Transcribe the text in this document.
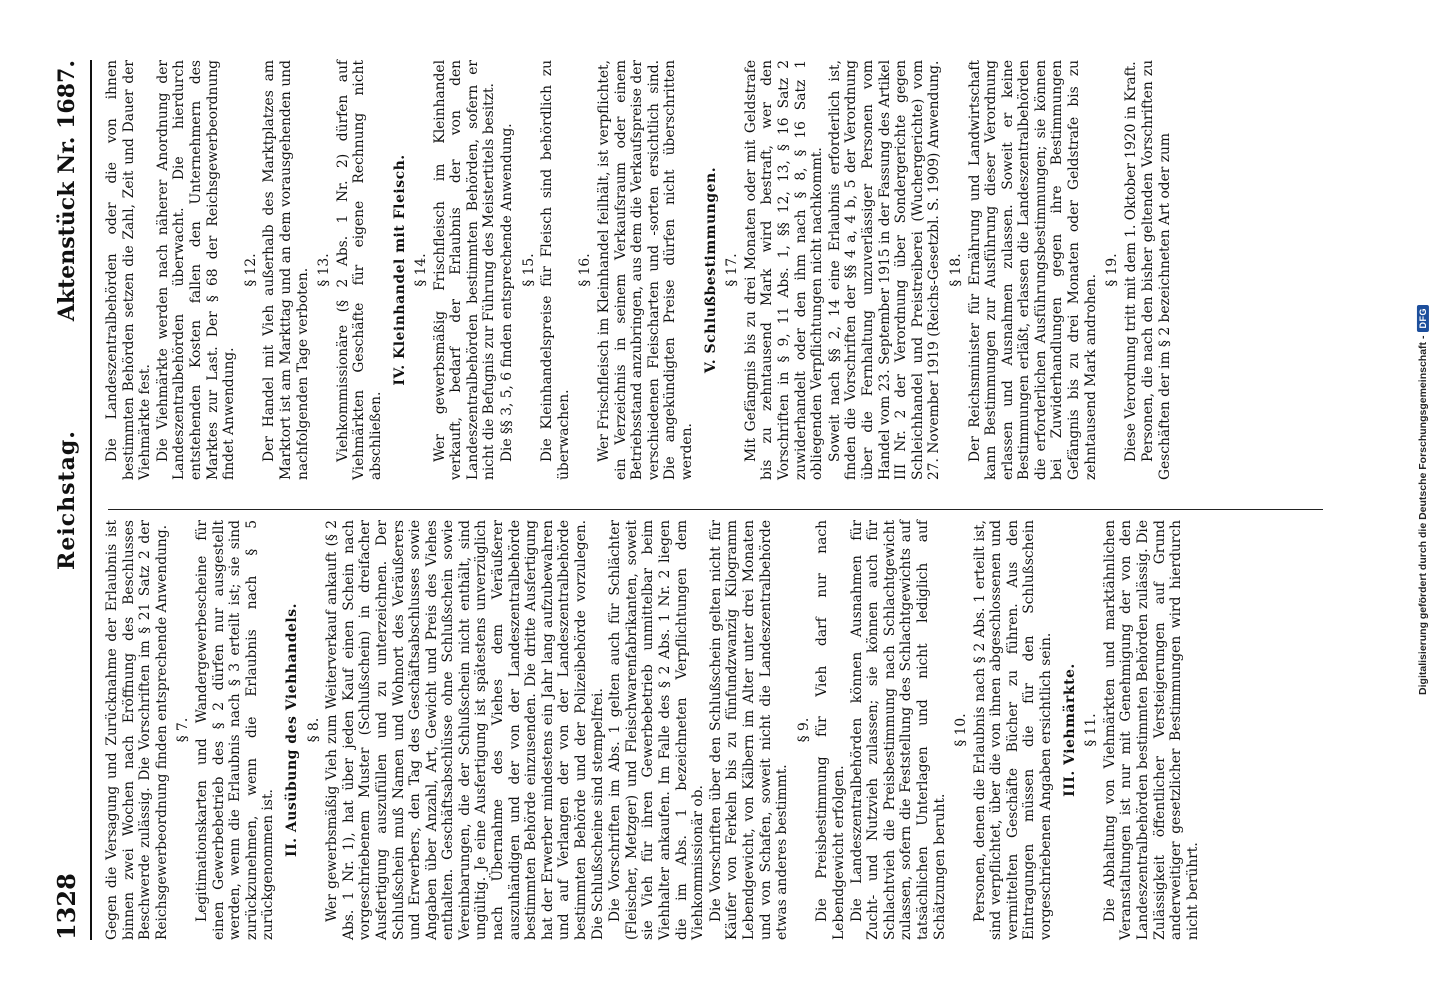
1328
Reichstag.
Aktenstück Nr. 1687.

Gegen die Versagung und Zurücknahme der Erlaubnis ist binnen zwei Wochen nach Eröffnung des Beschlusses Beschwerde zulässig. Die Vorschriften im § 21 Satz 2 der Reichsgewerbeordnung finden entsprechende Anwendung. § 7. Legitimationskarten und Wandergewerbescheine für einen Gewerbebetrieb des § 2 dürfen nur ausgestellt werden, wenn die Erlaubnis nach § 3 erteilt ist; sie sind zurückzunehmen, wenn die Erlaubnis nach § 5 zurückgenommen ist.

II. Ausübung des Viehhandels. § 8. Wer gewerbsmäßig Vieh zum Weiterverkauf ankauft (§ 2 Abs. 1 Nr. 1), hat über jeden Kauf einen Schein nach vorgeschriebenem Muster (Schlußschein) in dreifacher Ausfertigung auszufüllen und zu unterzeichnen. Der Schlußschein muß Namen und Wohnort des Veräußerers und Erwerbers, den Tag des Geschäftsabschlusses sowie Angaben über Anzahl, Art, Gewicht und Preis des Viehes enthalten. Geschäftsabschlüsse ohne Schlußschein sowie Vereinbarungen, die der Schlußschein nicht enthält, sind ungültig. Je eine Ausfertigung ist spätestens unverzüglich nach Übernahme des Viehes dem Veräußerer auszuhändigen und der von der Landeszentralbehörde bestimmten Behörde einzusenden. Die dritte Ausfertigung hat der Erwerber mindestens ein Jahr lang aufzubewahren und auf Verlangen der von der Landeszentralbehörde bestimmten Behörde und der Polizeibehörde vorzulegen. Die Schlußscheine sind stempelfrei. Die Vorschriften im Abs. 1 gelten auch für Schlächter (Fleischer, Metzger) und Fleischwarenfabrikanten, soweit sie Vieh für ihren Gewerbebetrieb unmittelbar beim Viehhalter ankaufen. Im Falle des § 2 Abs. 1 Nr. 2 liegen die im Abs. 1 bezeichneten Verpflichtungen dem Viehkommissionär ob. Die Vorschriften über den Schlußschein gelten nicht für Käufer von Ferkeln bis zu fünfundzwanzig Kilogramm Lebendgewicht, von Kälbern im Alter unter drei Monaten und von Schafen, soweit nicht die Landeszentralbehörde etwas anderes bestimmt.

§ 9. Die Preisbestimmung für Vieh darf nur nach Lebendgewicht erfolgen. Die Landeszentralbehörden können Ausnahmen für Zucht- und Nutzvieh zulassen; sie können auch für Schlachtvieh die Preisbestimmung nach Schlachtgewicht zulassen, sofern die Feststellung des Schlachtgewichts auf tatsächlichen Unterlagen und nicht lediglich auf Schätzungen beruht.

§ 10. Personen, denen die Erlaubnis nach § 2 Abs. 1 erteilt ist, sind verpflichtet, über die von ihnen abgeschlossenen und vermittelten Geschäfte Bücher zu führen. Aus den Eintragungen müssen die für den Schlußschein vorgeschriebenen Angaben ersichtlich sein. III. Viehmärkte. § 11. Die Abhaltung von Viehmärkten und marktähnlichen Veranstaltungen ist nur mit Genehmigung der von den Landeszentralbehörden bestimmten Behörden zulässig. Die Zulässigkeit öffentlicher Versteigerungen auf Grund anderweitiger gesetzlicher Bestimmungen wird hierdurch nicht berührt.

Die Landeszentralbehörden oder die von ihnen bestimmten Behörden setzen die Zahl, Zeit und Dauer der Viehmärkte fest. Die Viehmärkte werden nach näherer Anordnung der Landeszentralbehörden überwacht. Die hierdurch entstehenden Kosten fallen den Unternehmern des Marktes zur Last. Der § 68 der Reichsgewerbeordnung findet Anwendung.

§ 12. Der Handel mit Vieh außerhalb des Marktplatzes am Marktort ist am Markttag und an dem vorausgehenden und nachfolgenden Tage verboten. § 13. Viehkommissionäre (§ 2 Abs. 1 Nr. 2) dürfen auf Viehmärkten Geschäfte für eigene Rechnung nicht abschließen.

IV. Kleinhandel mit Fleisch. § 14. Wer gewerbsmäßig Frischfleisch im Kleinhandel verkauft, bedarf der Erlaubnis der von den Landeszentralbehörden bestimmten Behörden, sofern er nicht die Befugnis zur Führung des Meistertitels besitzt. Die §§ 3, 5, 6 finden entsprechende Anwendung. § 15. Die Kleinhandelspreise für Fleisch sind behördlich zu überwachen.

§ 16. Wer Frischfleisch im Kleinhandel feilhält, ist verpflichtet, ein Verzeichnis in seinem Verkaufsraum oder einem Betriebsstand anzubringen, aus dem die Verkaufspreise der verschiedenen Fleischarten und -sorten ersichtlich sind. Die angekündigten Preise dürfen nicht überschritten werden.

V. Schlußbestimmungen. § 17. Mit Gefängnis bis zu drei Monaten oder mit Geldstrafe bis zu zehntausend Mark wird bestraft, wer den Vorschriften in § 9, 11 Abs. 1, §§ 12, 13, § 16 Satz 2 zuwiderhandelt oder den ihm nach § 8, § 16 Satz 1 obliegenden Verpflichtungen nicht nachkommt. Soweit nach §§ 2, 14 eine Erlaubnis erforderlich ist, finden die Vorschriften der §§ 4 a, 4 b, 5 der Verordnung über die Fernhaltung unzuverlässiger Personen vom Handel vom 23. September 1915 in der Fassung des Artikel III Nr. 2 der Verordnung über Sondergerichte gegen Schleichhandel und Preistreiberei (Wuchergerichte) vom 27. November 1919 (Reichs-Gesetzbl. S. 1909) Anwendung. § 18. Der Reichsminister für Ernährung und Landwirtschaft kann Bestimmungen zur Ausführung dieser Verordnung erlassen und Ausnahmen zulassen. Soweit er keine Bestimmungen erläßt, erlassen die Landeszentralbehörden die erforderlichen Ausführungsbestimmungen; sie können bei Zuwiderhandlungen gegen ihre Bestimmungen Gefängnis bis zu drei Monaten oder Geldstrafe bis zu zehntausend Mark androhen.

§ 19. Diese Verordnung tritt mit dem 1. Oktober 1920 in Kraft. Personen, die nach den bisher geltenden Vorschriften zu Geschäften der im § 2 bezeichneten Art oder zum

Digitalisierung gefördert durch die Deutsche Forschungsgemeinschaft -
DFG
